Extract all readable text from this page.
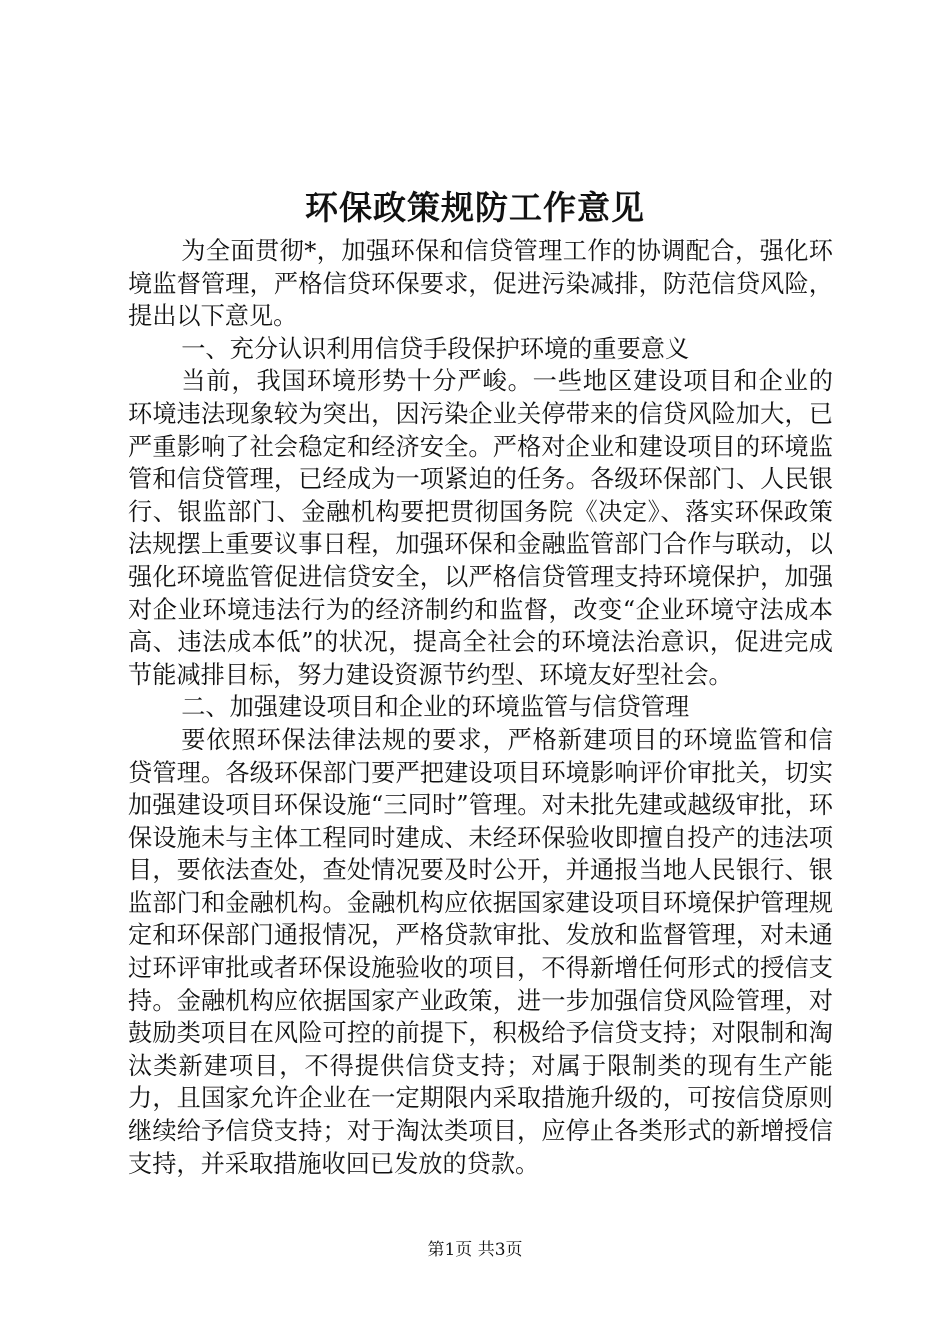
环保政策规防工作意见

为全面贯彻*，加强环保和信贷管理工作的协调配合，强化环境监督管理，严格信贷环保要求，促进污染减排，防范信贷风险，提出以下意见。

一、充分认识利用信贷手段保护环境的重要意义

当前，我国环境形势十分严峻。一些地区建设项目和企业的环境违法现象较为突出，因污染企业关停带来的信贷风险加大，已严重影响了社会稳定和经济安全。严格对企业和建设项目的环境监管和信贷管理，已经成为一项紧迫的任务。各级环保部门、人民银行、银监部门、金融机构要把贯彻国务院《决定》、落实环保政策法规摆上重要议事日程，加强环保和金融监管部门合作与联动，以强化环境监管促进信贷安全，以严格信贷管理支持环境保护，加强对企业环境违法行为的经济制约和监督，改变“企业环境守法成本高、违法成本低”的状况，提高全社会的环境法治意识，促进完成节能减排目标，努力建设资源节约型、环境友好型社会。

二、加强建设项目和企业的环境监管与信贷管理

要依照环保法律法规的要求，严格新建项目的环境监管和信贷管理。各级环保部门要严把建设项目环境影响评价审批关，切实加强建设项目环保设施“三同时”管理。对未批先建或越级审批，环保设施未与主体工程同时建成、未经环保验收即擅自投产的违法项目，要依法查处，查处情况要及时公开，并通报当地人民银行、银监部门和金融机构。金融机构应依据国家建设项目环境保护管理规定和环保部门通报情况，严格贷款审批、发放和监督管理，对未通过环评审批或者环保设施验收的项目，不得新增任何形式的授信支持。金融机构应依据国家产业政策，进一步加强信贷风险管理，对鼓励类项目在风险可控的前提下，积极给予信贷支持；对限制和淘汰类新建项目，不得提供信贷支持；对属于限制类的现有生产能力，且国家允许企业在一定期限内采取措施升级的，可按信贷原则继续给予信贷支持；对于淘汰类项目，应停止各类形式的新增授信支持，并采取措施收回已发放的贷款。

第1页 共3页
